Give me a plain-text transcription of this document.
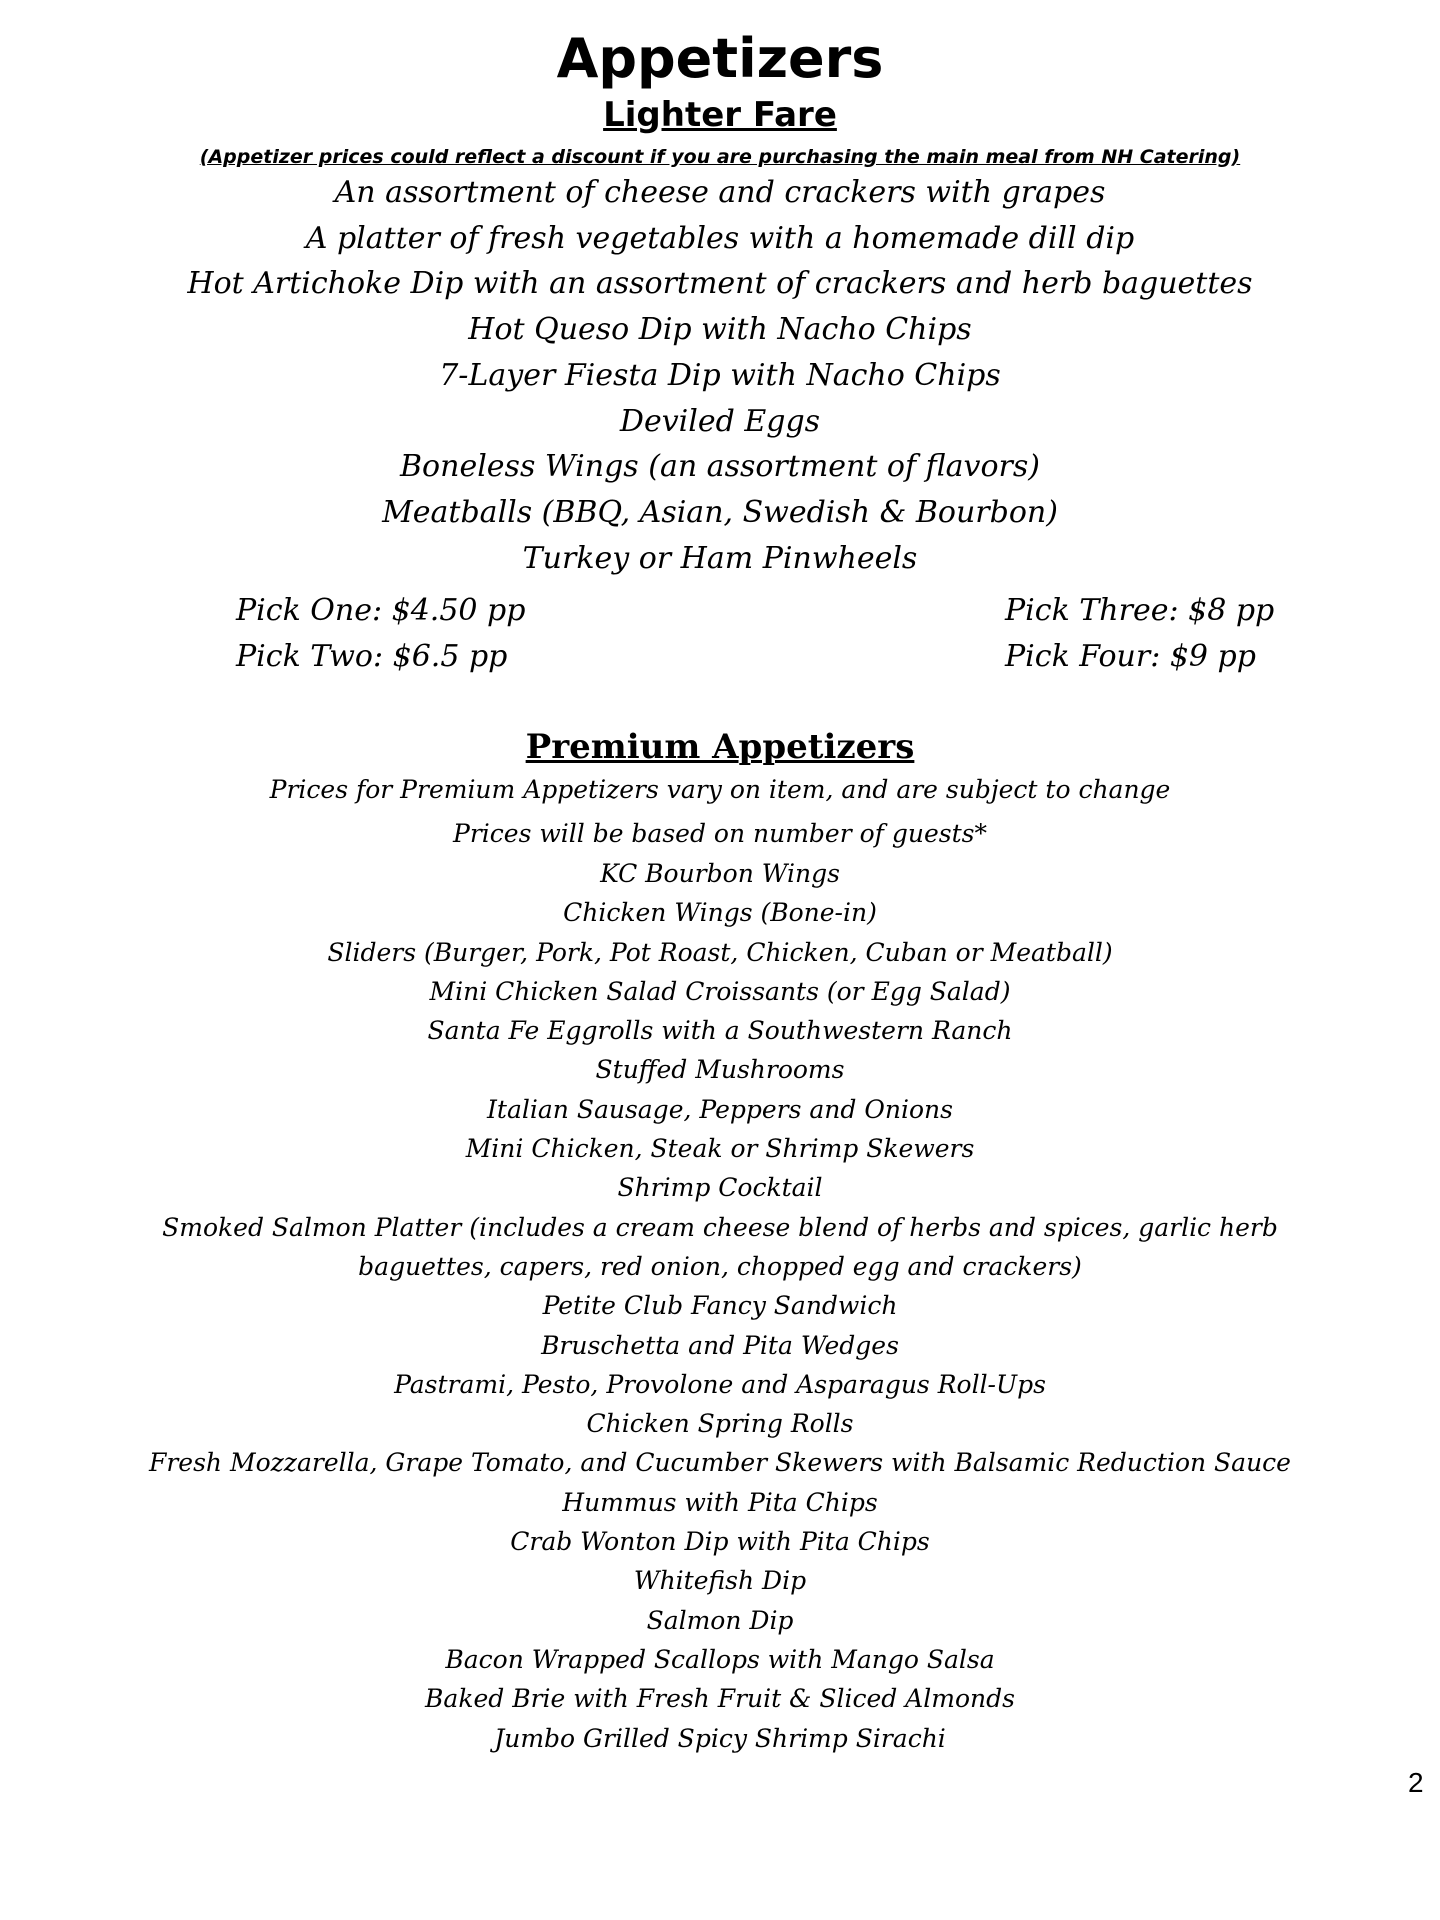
Appetizers
Lighter Fare
(Appetizer prices could reflect a discount if you are purchasing the main meal from NH Catering)
An assortment of cheese and crackers with grapes
A platter of fresh vegetables with a homemade dill dip
Hot Artichoke Dip with an assortment of crackers and herb baguettes
Hot Queso Dip with Nacho Chips
7-Layer Fiesta Dip with Nacho Chips
Deviled Eggs
Boneless Wings (an assortment of flavors)
Meatballs (BBQ, Asian, Swedish & Bourbon)
Turkey or Ham Pinwheels
Pick One: $4.50 pp
Pick Two: $6.5 pp
Pick Three: $8 pp
Pick Four: $9 pp
Premium Appetizers
Prices for Premium Appetizers vary on item, and are subject to change
Prices will be based on number of guests*
KC Bourbon Wings
Chicken Wings (Bone-in)
Sliders (Burger, Pork, Pot Roast, Chicken, Cuban or Meatball)
Mini Chicken Salad Croissants (or Egg Salad)
Santa Fe Eggrolls with a Southwestern Ranch
Stuffed Mushrooms
Italian Sausage, Peppers and Onions
Mini Chicken, Steak or Shrimp Skewers
Shrimp Cocktail
Smoked Salmon Platter (includes a cream cheese blend of herbs and spices, garlic herb baguettes, capers, red onion, chopped egg and crackers)
Petite Club Fancy Sandwich
Bruschetta and Pita Wedges
Pastrami, Pesto, Provolone and Asparagus Roll-Ups
Chicken Spring Rolls
Fresh Mozzarella, Grape Tomato, and Cucumber Skewers with Balsamic Reduction Sauce
Hummus with Pita Chips
Crab Wonton Dip with Pita Chips
Whitefish Dip
Salmon Dip
Bacon Wrapped Scallops with Mango Salsa
Baked Brie with Fresh Fruit & Sliced Almonds
Jumbo Grilled Spicy Shrimp Sirachi
2
